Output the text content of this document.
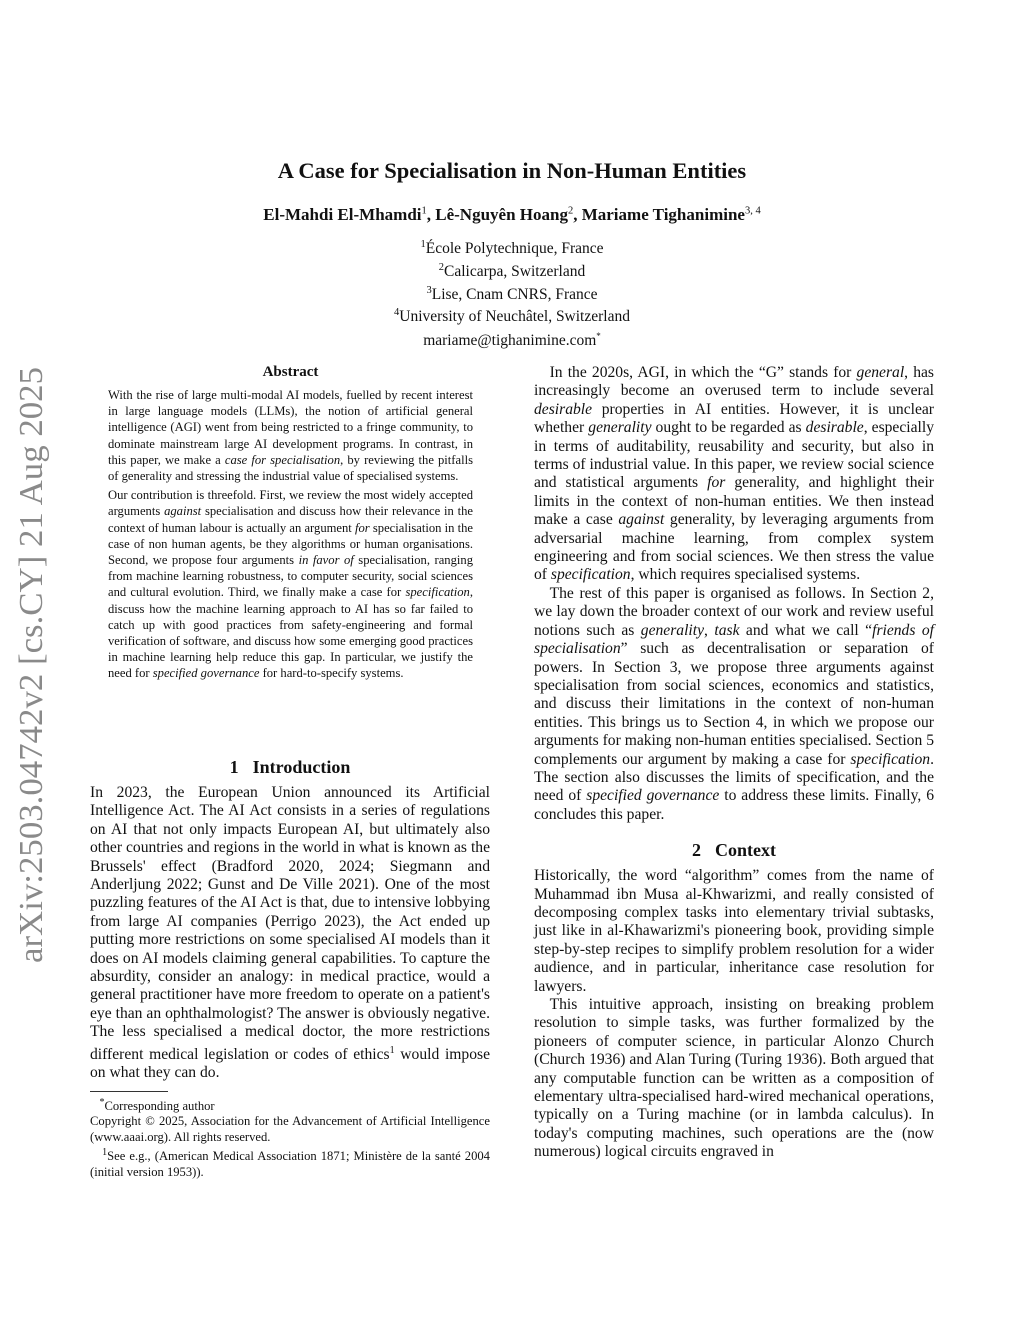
arXiv:2503.04742v2 [cs.CY] 21 Aug 2025
A Case for Specialisation in Non-Human Entities
El-Mahdi El-Mhamdi$^1$, Lê-Nguyên Hoang$^2$, Mariame Tighanimine$^{3, 4}$
$^1$École Polytechnique, France
$^2$Calicarpa, Switzerland
$^3$Lise, Cnam CNRS, France
$^4$University of Neuchâtel, Switzerland
mariame@tighanimine.com*
Abstract

With the rise of large multi-modal AI models, fuelled by recent interest in large language models (LLMs), the notion of artificial general intelligence (AGI) went from being restricted to a fringe community, to dominate mainstream large AI development programs. In contrast, in this paper, we make a case for specialisation, by reviewing the pitfalls of generality and stressing the industrial value of specialised systems.

Our contribution is threefold. First, we review the most widely accepted arguments against specialisation and discuss how their relevance in the context of human labour is actually an argument for specialisation in the case of non human agents, be they algorithms or human organisations. Second, we propose four arguments in favor of specialisation, ranging from machine learning robustness, to computer security, social sciences and cultural evolution. Third, we finally make a case for specification, discuss how the machine learning approach to AI has so far failed to catch up with good practices from safety-engineering and formal verification of software, and discuss how some emerging good practices in machine learning help reduce this gap. In particular, we justify the need for specified governance for hard-to-specify systems.

1 Introduction

In 2023, the European Union announced its Artificial Intelligence Act. The AI Act consists in a series of regulations on AI that not only impacts European AI, but ultimately also other countries and regions in the world in what is known as the Brussels' effect (Bradford 2020, 2024; Siegmann and Anderljung 2022; Gunst and De Ville 2021). One of the most puzzling features of the AI Act is that, due to intensive lobbying from large AI companies (Perrigo 2023), the Act ended up putting more restrictions on some specialised AI models than it does on AI models claiming general capabilities. To capture the absurdity, consider an analogy: in medical practice, would a general practitioner have more freedom to operate on a patient's eye than an ophthalmologist? The answer is obviously negative. The less specialised a medical doctor, the more restrictions different medical legislation or codes of ethics$^1$ would impose on what they can do.

*Corresponding author

Copyright © 2025, Association for the Advancement of Artificial Intelligence (www.aaai.org). All rights reserved.

$^1$See e.g., (American Medical Association 1871; Ministère de la santé 2004 (initial version 1953)).

In the 2020s, AGI, in which the “G” stands for general, has increasingly become an overused term to include several desirable properties in AI entities. However, it is unclear whether generality ought to be regarded as desirable, especially in terms of auditability, reusability and security, but also in terms of industrial value. In this paper, we review social science and statistical arguments for generality, and highlight their limits in the context of non-human entities. We then instead make a case against generality, by leveraging arguments from adversarial machine learning, from complex system engineering and from social sciences. We then stress the value of specification, which requires specialised systems.

The rest of this paper is organised as follows. In Section 2, we lay down the broader context of our work and review useful notions such as generality, task and what we call “friends of specialisation” such as decentralisation or separation of powers. In Section 3, we propose three arguments against specialisation from social sciences, economics and statistics, and discuss their limitations in the context of non-human entities. This brings us to Section 4, in which we propose our arguments for making non-human entities specialised. Section 5 complements our argument by making a case for specification. The section also discusses the limits of specification, and the need of specified governance to address these limits. Finally, 6 concludes this paper.

2 Context

Historically, the word “algorithm” comes from the name of Muhammad ibn Musa al-Khwarizmi, and really consisted of decomposing complex tasks into elementary trivial subtasks, just like in al-Khawarizmi's pioneering book, providing simple step-by-step recipes to simplify problem resolution for a wider audience, and in particular, inheritance case resolution for lawyers.

This intuitive approach, insisting on breaking problem resolution to simple tasks, was further formalized by the pioneers of computer science, in particular Alonzo Church (Church 1936) and Alan Turing (Turing 1936). Both argued that any computable function can be written as a composition of elementary ultra-specialised hard-wired mechanical operations, typically on a Turing machine (or in lambda calculus). In today's computing machines, such operations are the (now numerous) logical circuits engraved in
